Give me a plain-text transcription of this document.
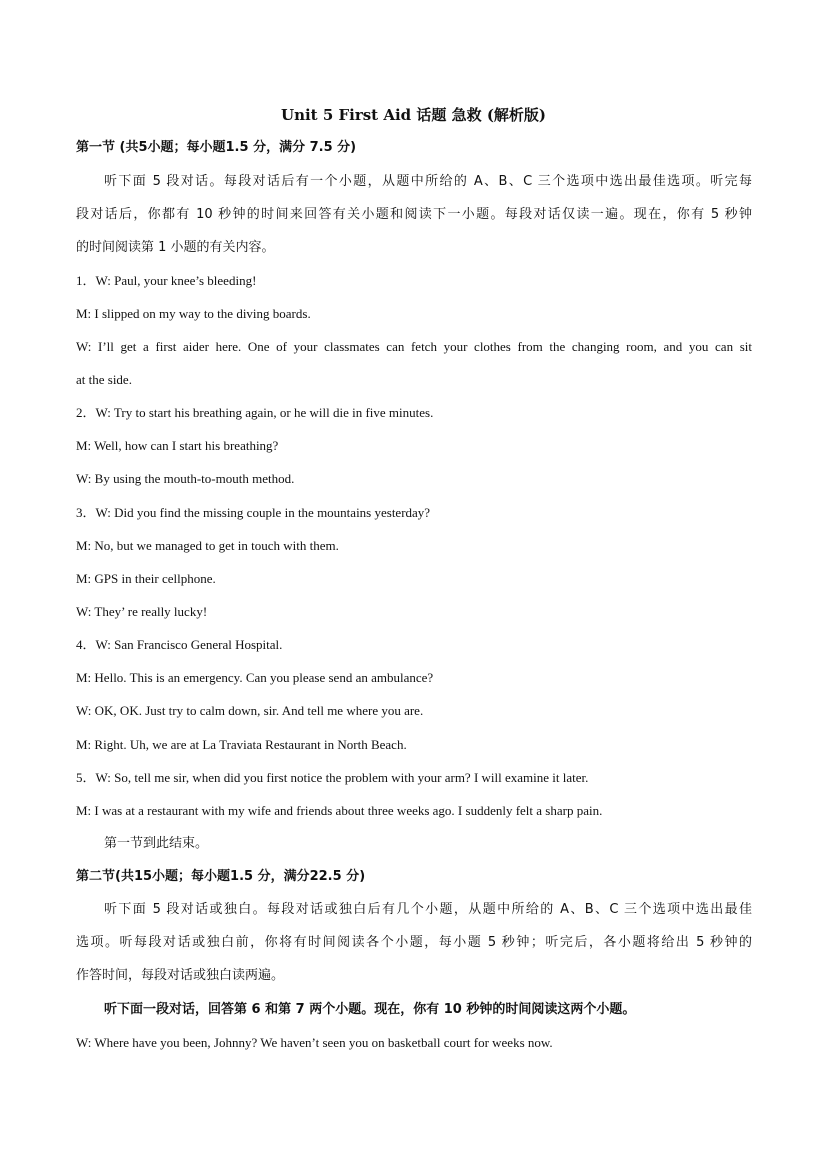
Unit 5 First Aid 话题 急救 (解析版)
第一节 (共5小题；每小题1.5 分，满分 7.5 分)
听下面 5 段对话。每段对话后有一个小题，从题中所给的 A、B、C 三个选项中选出最佳选项。听完每
段对话后，你都有 10 秒钟的时间来回答有关小题和阅读下一小题。每段对话仅读一遍。现在，你有 5 秒钟
的时间阅读第 1 小题的有关内容。
1．W: Paul, your knee’s bleeding!
M: I slipped on my way to the diving boards.
W: I’ll get a first aider here. One of your classmates can fetch your clothes from the changing room, and you can sit
at the side.
2．W: Try to start his breathing again, or he will die in five minutes.
M: Well, how can I start his breathing?
W: By using the mouth-to-mouth method.
3．W: Did you find the missing couple in the mountains yesterday?
M: No, but we managed to get in touch with them.
M: GPS in their cellphone.
W: They’ re really lucky!
4．W: San Francisco General Hospital.
M: Hello. This is an emergency. Can you please send an ambulance?
W: OK, OK. Just try to calm down, sir. And tell me where you are.
M: Right. Uh, we are at La Traviata Restaurant in North Beach.
5．W: So, tell me sir, when did you first notice the problem with your arm? I will examine it later.
M: I was at a restaurant with my wife and friends about three weeks ago. I suddenly felt a sharp pain.
第一节到此结束。
第二节(共15小题；每小题1.5 分，满分22.5 分)
听下面 5 段对话或独白。每段对话或独白后有几个小题，从题中所给的 A、B、C 三个选项中选出最佳
选项。听每段对话或独白前，你将有时间阅读各个小题，每小题 5 秒钟；听完后，各小题将给出 5 秒钟的
作答时间，每段对话或独白读两遍。
听下面一段对话，回答第 6 和第 7 两个小题。现在，你有 10 秒钟的时间阅读这两个小题。
W: Where have you been, Johnny? We haven’t seen you on basketball court for weeks now.
